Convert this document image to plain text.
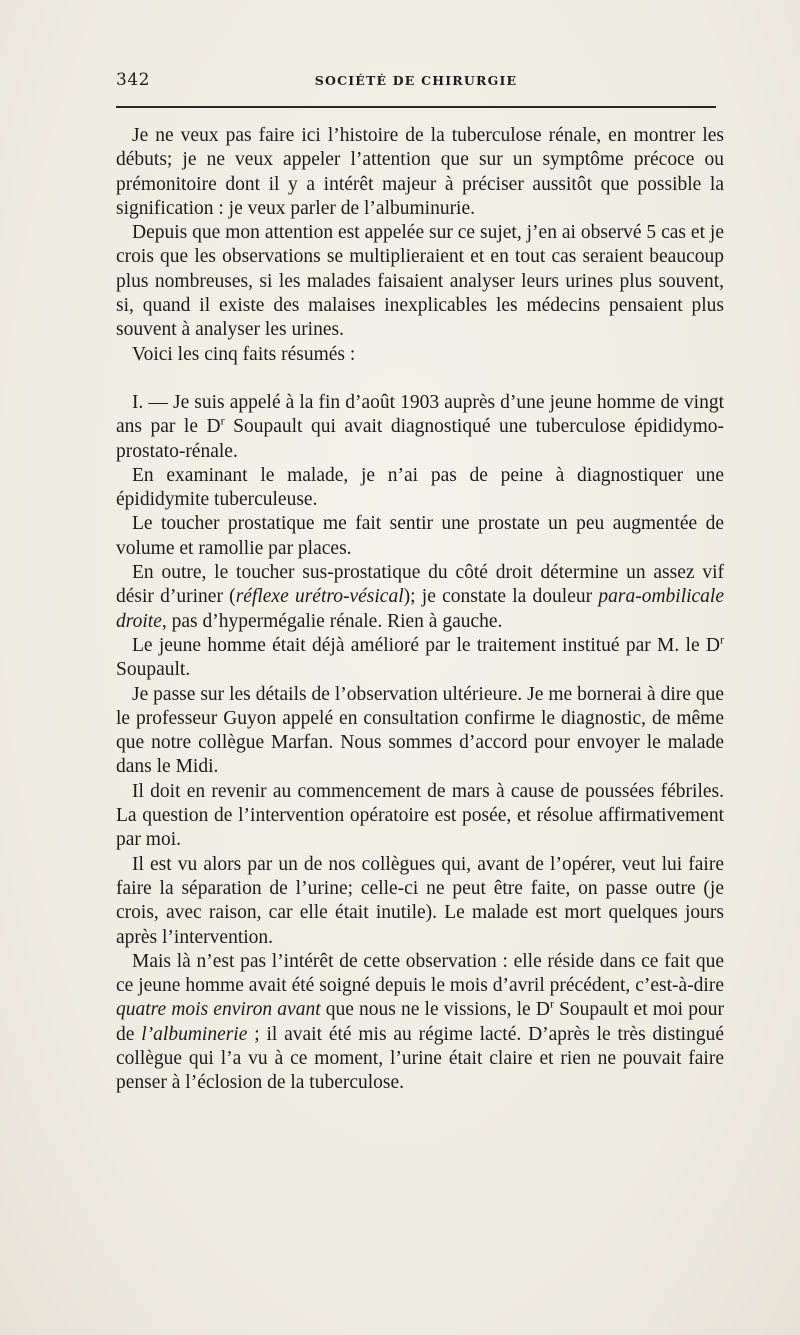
342	SOCIÉTÉ DE CHIRURGIE

Je ne veux pas faire ici l’histoire de la tuberculose rénale, en montrer les débuts; je ne veux appeler l’attention que sur un symptôme précoce ou prémonitoire dont il y a intérêt majeur à préciser aussitôt que possible la signification : je veux parler de l’albuminurie.

Depuis que mon attention est appelée sur ce sujet, j’en ai observé 5 cas et je crois que les observations se multiplieraient et en tout cas seraient beaucoup plus nombreuses, si les malades faisaient analyser leurs urines plus souvent, si, quand il existe des malaises inexplicables les médecins pensaient plus souvent à analyser les urines.

Voici les cinq faits résumés :

I. — Je suis appelé à la fin d’août 1903 auprès d’une jeune homme de vingt ans par le $D^r$ Soupault qui avait diagnostiqué une tuberculose épididymo-prostato-rénale.

En examinant le malade, je n’ai pas de peine à diagnostiquer une épididymite tuberculeuse.

Le toucher prostatique me fait sentir une prostate un peu augmentée de volume et ramollie par places.

En outre, le toucher sus-prostatique du côté droit détermine un assez vif désir d’uriner (réflexe urétro-vésical); je constate la douleur para-ombilicale droite, pas d’hypermégalie rénale. Rien à gauche.

Le jeune homme était déjà amélioré par le traitement institué par M. le $D^r$ Soupault.

Je passe sur les détails de l’observation ultérieure. Je me bornerai à dire que le professeur Guyon appelé en consultation confirme le diagnostic, de même que notre collègue Marfan. Nous sommes d’accord pour envoyer le malade dans le Midi.

Il doit en revenir au commencement de mars à cause de poussées fébriles. La question de l’intervention opératoire est posée, et résolue affirmativement par moi.

Il est vu alors par un de nos collègues qui, avant de l’opérer, veut lui faire faire la séparation de l’urine; celle-ci ne peut être faite, on passe outre (je crois, avec raison, car elle était inutile). Le malade est mort quelques jours après l’intervention.

Mais là n’est pas l’intérêt de cette observation : elle réside dans ce fait que ce jeune homme avait été soigné depuis le mois d’avril précédent, c’est-à-dire quatre mois environ avant que nous ne le vissions, le $D^r$ Soupault et moi pour de l’albuminerie ; il avait été mis au régime lacté. D’après le très distingué collègue qui l’a vu à ce moment, l’urine était claire et rien ne pouvait faire penser à l’éclosion de la tuberculose.
